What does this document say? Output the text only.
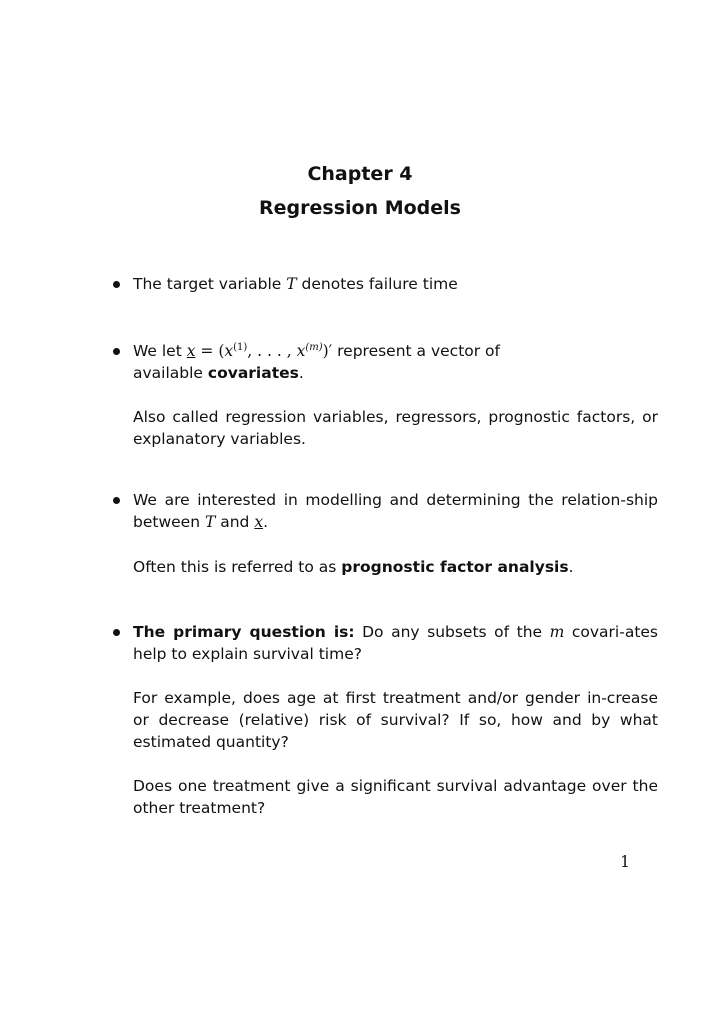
Chapter 4
Regression Models
The target variable T denotes failure time
We let $x = (x^{(1)}$, . . . , $x^{(m)})'$ represent a vector of available covariates.
Also called regression variables, regressors, prognostic factors, or explanatory variables.
We are interested in modelling and determining the relation-ship between T and x.
Often this is referred to as prognostic factor analysis.
The primary question is: Do any subsets of the m covari-ates help to explain survival time?
For example, does age at first treatment and/or gender in-crease or decrease (relative) risk of survival? If so, how and by what estimated quantity?
Does one treatment give a significant survival advantage over the other treatment?
1
